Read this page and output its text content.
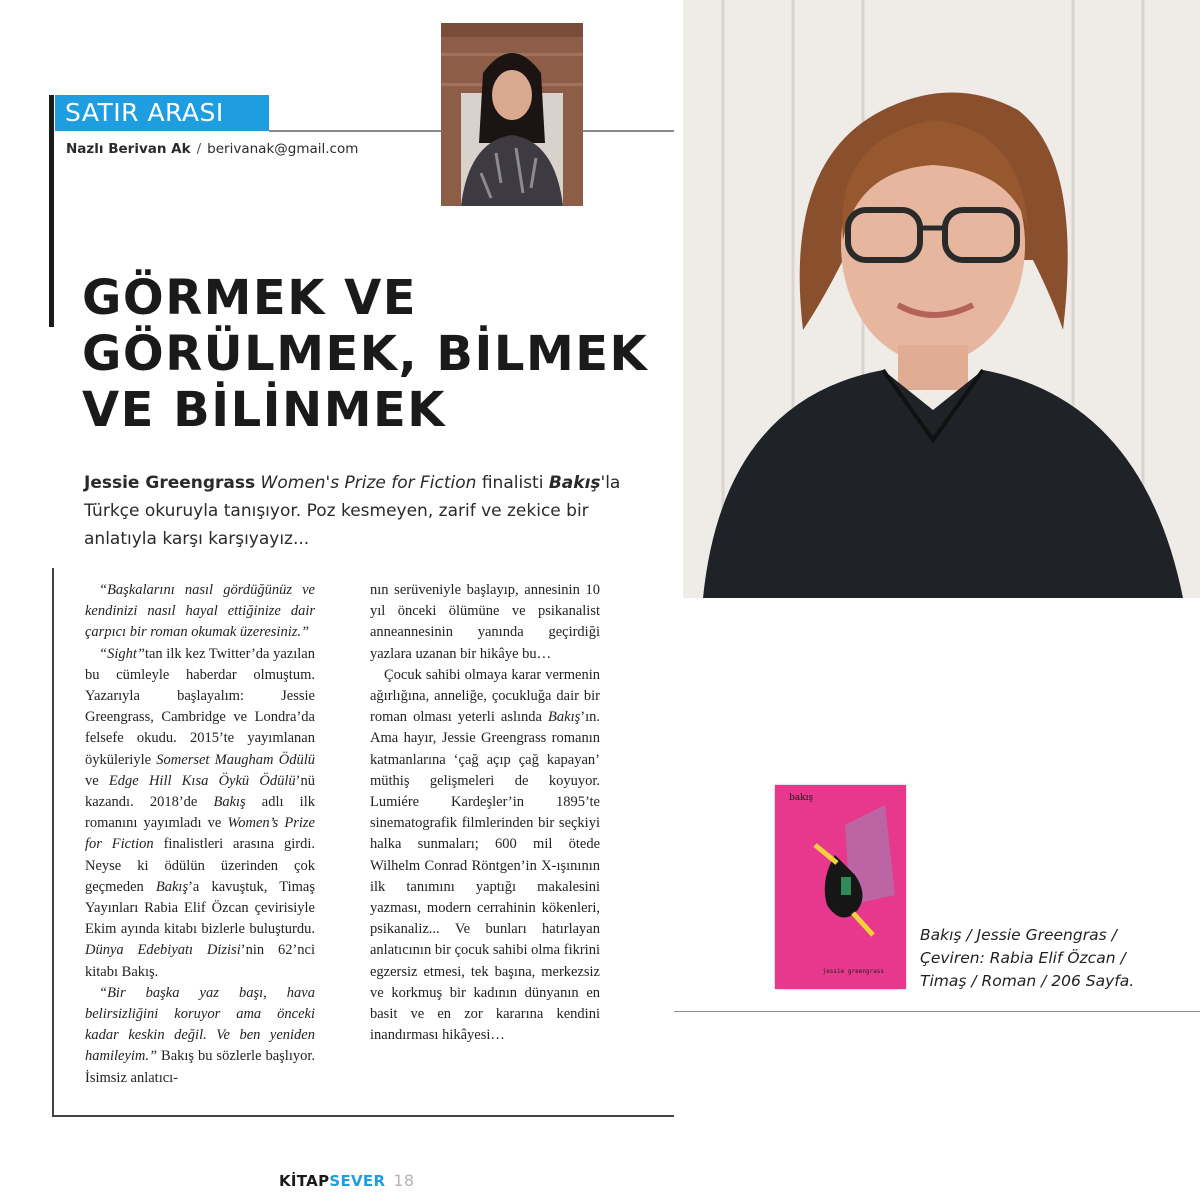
SATIR ARASI
Nazlı Berivan Ak / berivanak@gmail.com
GÖRMEK VE
GÖRÜLMEK, BİLMEK
VE BİLİNMEK

Jessie Greengrass Women's Prize for Fiction finalisti Bakış'la Türkçe okuruyla tanışıyor. Poz kesmeyen, zarif ve zekice bir anlatıyla karşı karşıyayız...

“Başkalarını nasıl gördüğünüz ve kendinizi nasıl hayal ettiğinize dair çarpıcı bir roman okumak üzeresiniz.”

“Sight”tan ilk kez Twitter’da yazılan bu cümleyle haberdar olmuştum. Yazarıyla başlayalım: Jessie Greengrass, Cambridge ve Londra’da felsefe okudu. 2015’te yayımlanan öyküleriyle Somerset Maugham Ödülü ve Edge Hill Kısa Öykü Ödülü’nü kazandı. 2018’de Bakış adlı ilk romanını yayımladı ve Women’s Prize for Fiction finalistleri arasına girdi. Neyse ki ödülün üzerinden çok geçmeden Bakış’a kavuştuk, Timaş Yayınları Rabia Elif Özcan çevirisiyle Ekim ayında kitabı bizlerle buluşturdu. Dünya Edebiyatı Dizisi’nin 62’nci kitabı Bakış.

“Bir başka yaz başı, hava belirsizliğini koruyor ama önceki kadar keskin değil. Ve ben yeniden hamileyim.” Bakış bu sözlerle başlıyor. İsimsiz anlatıcı-

nın serüveniyle başlayıp, annesinin 10 yıl önceki ölümüne ve psikanalist anneannesinin yanında geçirdiği yazlara uzanan bir hikâye bu…

Çocuk sahibi olmaya karar vermenin ağırlığına, anneliğe, çocukluğa dair bir roman olması yeterli aslında Bakış’ın. Ama hayır, Jessie Greengrass romanın katmanlarına ‘çağ açıp çağ kapayan’ müthiş gelişmeleri de koyuyor. Lumiére Kardeşler’in 1895’te sinematografik filmlerinden bir seçkiyi halka sunmaları; 600 mil ötede Wilhelm Conrad Röntgen’in X-ışınının ilk tanımını yaptığı makalesini yazması, modern cerrahinin kökenleri, psikanaliz... Ve bunları hatırlayan anlatıcının bir çocuk sahibi olma fikrini egzersiz etmesi, tek başına, merkezsiz ve korkmuş bir kadının dünyanın en basit ve en zor kararına kendini inandırması hikâyesi…

bakış
jessie greengrass

Bakış / Jessie Greengras / Çeviren: Rabia Elif Özcan / Timaş / Roman / 206 Sayfa.

KİTAPSEVER 18
